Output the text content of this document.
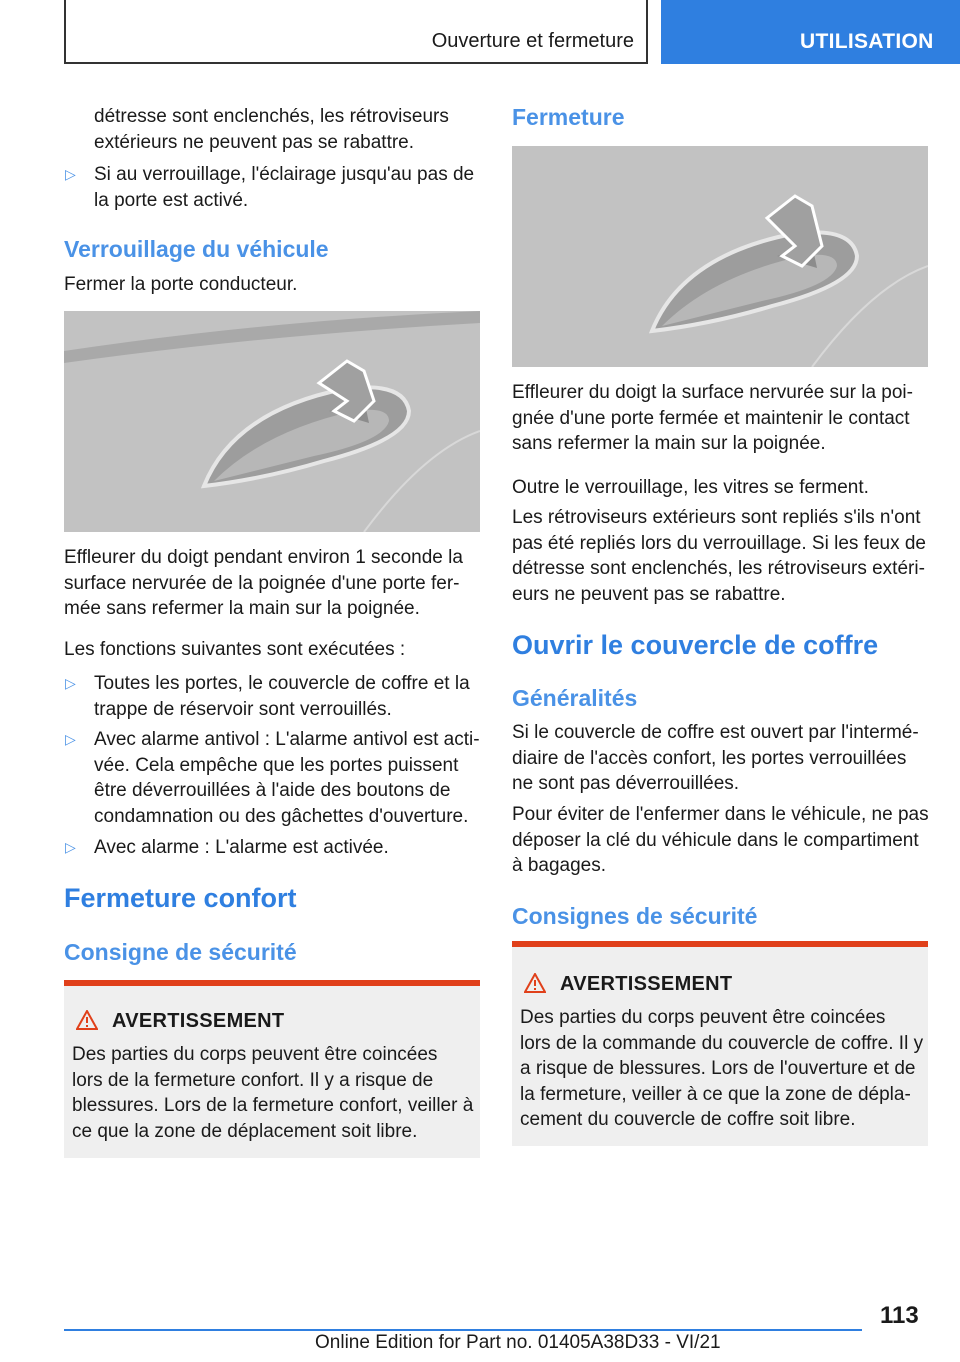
Ouverture et fermeture	UTILISATION
détresse sont enclenchés, les rétroviseurs
extérieurs ne peuvent pas se rabattre.
▷ Si au verrouillage, l'éclairage jusqu'au pas de
la porte est activé.
Verrouillage du véhicule
Fermer la porte conducteur.
Effleurer du doigt pendant environ 1 seconde la
surface nervurée de la poignée d'une porte fer‐
mée sans refermer la main sur la poignée.
Les fonctions suivantes sont exécutées :
▷ Toutes les portes, le couvercle de coffre et la
trappe de réservoir sont verrouillés.
▷ Avec alarme antivol : L'alarme antivol est acti‐
vée. Cela empêche que les portes puissent
être déverrouillées à l'aide des boutons de
condamnation ou des gâchettes d'ouverture.
▷ Avec alarme : L'alarme est activée.
Fermeture confort
Consigne de sécurité
AVERTISSEMENT
Des parties du corps peuvent être coincées
lors de la fermeture confort. Il y a risque de
blessures. Lors de la fermeture confort, veiller à
ce que la zone de déplacement soit libre.
Fermeture
Effleurer du doigt la surface nervurée sur la poi‐
gnée d'une porte fermée et maintenir le contact
sans refermer la main sur la poignée.
Outre le verrouillage, les vitres se ferment.
Les rétroviseurs extérieurs sont repliés s'ils n'ont
pas été repliés lors du verrouillage. Si les feux de
détresse sont enclenchés, les rétroviseurs extéri‐
eurs ne peuvent pas se rabattre.
Ouvrir le couvercle de coffre
Généralités
Si le couvercle de coffre est ouvert par l'intermé‐
diaire de l'accès confort, les portes verrouillées
ne sont pas déverrouillées.
Pour éviter de l'enfermer dans le véhicule, ne pas
déposer la clé du véhicule dans le compartiment
à bagages.
Consignes de sécurité
AVERTISSEMENT
Des parties du corps peuvent être coincées
lors de la commande du couvercle de coffre. Il y
a risque de blessures. Lors de l'ouverture et de
la fermeture, veiller à ce que la zone de dépla‐
cement du couvercle de coffre soit libre.
113
Online Edition for Part no. 01405A38D33 - VI/21
